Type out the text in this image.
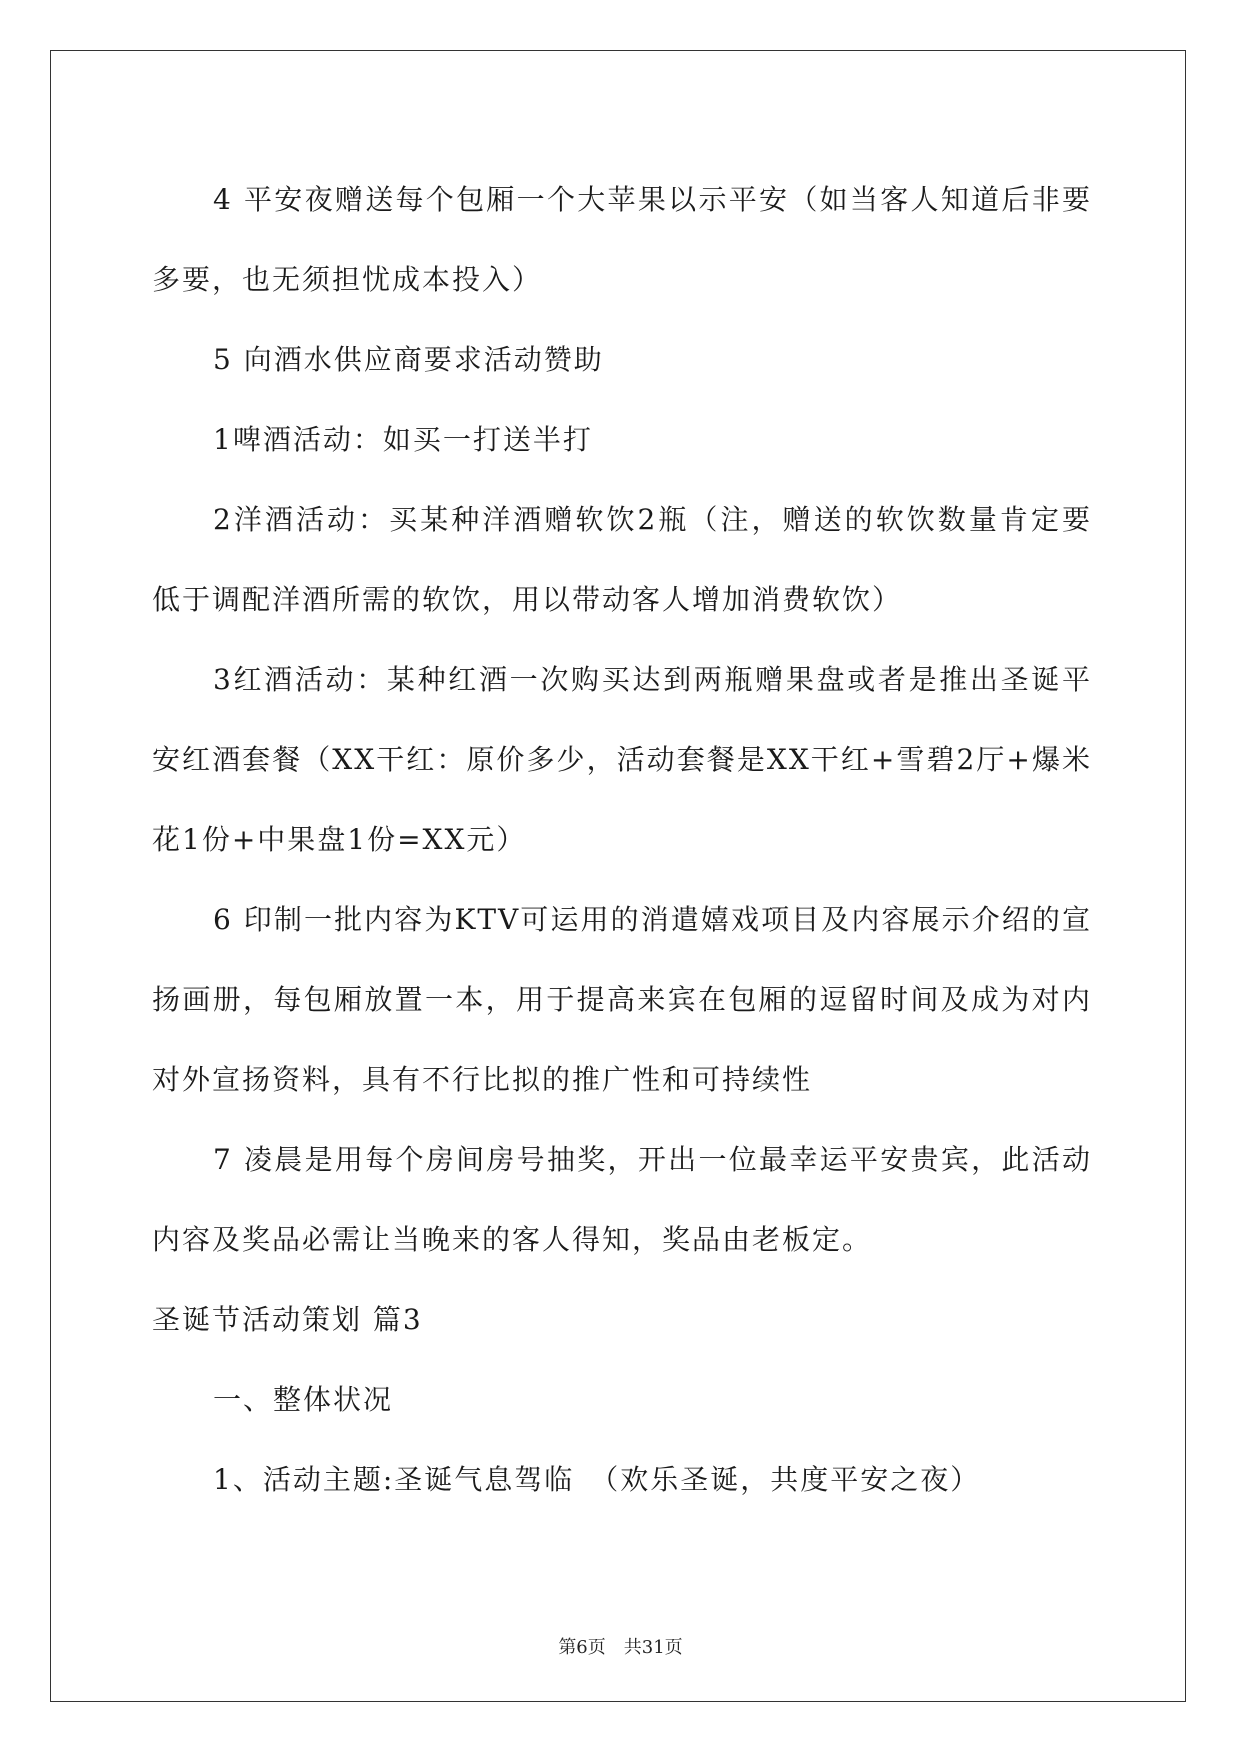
4 平安夜赠送每个包厢一个大苹果以示平安（如当客人知道后非要多要，也无须担忧成本投入）

5 向酒水供应商要求活动赞助

1啤酒活动：如买一打送半打

2洋酒活动：买某种洋酒赠软饮2瓶（注，赠送的软饮数量肯定要低于调配洋酒所需的软饮，用以带动客人增加消费软饮）

3红酒活动：某种红酒一次购买达到两瓶赠果盘或者是推出圣诞平安红酒套餐（XX干红：原价多少，活动套餐是XX干红+雪碧2厅+爆米花1份+中果盘1份=XX元）

6 印制一批内容为KTV可运用的消遣嬉戏项目及内容展示介绍的宣扬画册，每包厢放置一本，用于提高来宾在包厢的逗留时间及成为对内对外宣扬资料，具有不行比拟的推广性和可持续性

7 凌晨是用每个房间房号抽奖，开出一位最幸运平安贵宾，此活动内容及奖品必需让当晚来的客人得知，奖品由老板定。

圣诞节活动策划 篇3

一、整体状况

1、活动主题:圣诞气息驾临　（欢乐圣诞，共度平安之夜）

第6页 共31页
